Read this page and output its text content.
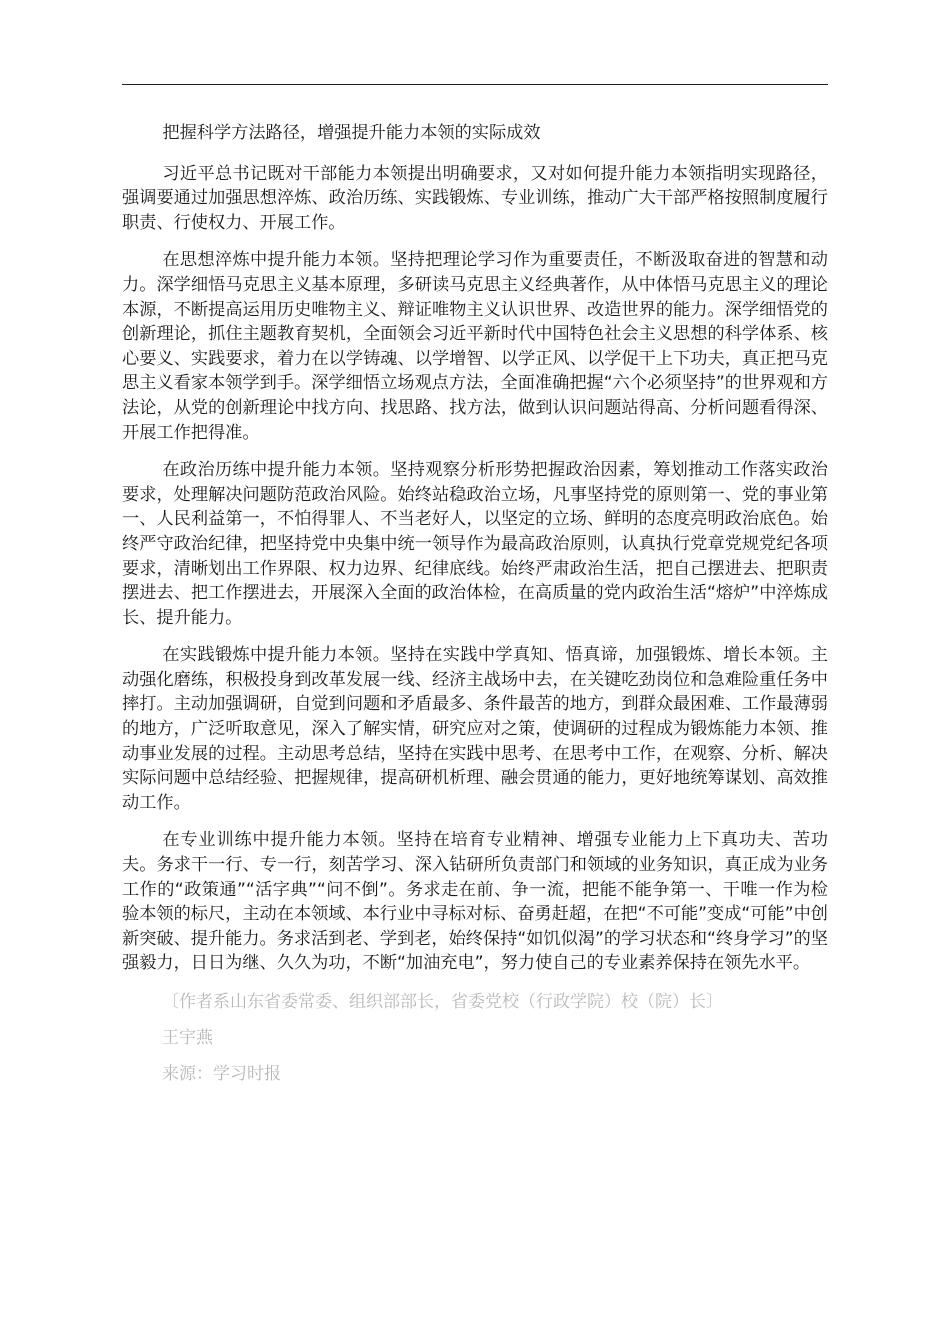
把握科学方法路径，增强提升能力本领的实际成效

习近平总书记既对干部能力本领提出明确要求，又对如何提升能力本领指明实现路径，强调要通过加强思想淬炼、政治历练、实践锻炼、专业训练，推动广大干部严格按照制度履行职责、行使权力、开展工作。

在思想淬炼中提升能力本领。坚持把理论学习作为重要责任，不断汲取奋进的智慧和动力。深学细悟马克思主义基本原理，多研读马克思主义经典著作，从中体悟马克思主义的理论本源，不断提高运用历史唯物主义、辩证唯物主义认识世界、改造世界的能力。深学细悟党的创新理论，抓住主题教育契机，全面领会习近平新时代中国特色社会主义思想的科学体系、核心要义、实践要求，着力在以学铸魂、以学增智、以学正风、以学促干上下功夫，真正把马克思主义看家本领学到手。深学细悟立场观点方法，全面准确把握“六个必须坚持”的世界观和方法论，从党的创新理论中找方向、找思路、找方法，做到认识问题站得高、分析问题看得深、开展工作把得准。

在政治历练中提升能力本领。坚持观察分析形势把握政治因素，筹划推动工作落实政治要求，处理解决问题防范政治风险。始终站稳政治立场，凡事坚持党的原则第一、党的事业第一、人民利益第一，不怕得罪人、不当老好人，以坚定的立场、鲜明的态度亮明政治底色。始终严守政治纪律，把坚持党中央集中统一领导作为最高政治原则，认真执行党章党规党纪各项要求，清晰划出工作界限、权力边界、纪律底线。始终严肃政治生活，把自己摆进去、把职责摆进去、把工作摆进去，开展深入全面的政治体检，在高质量的党内政治生活“熔炉”中淬炼成长、提升能力。

在实践锻炼中提升能力本领。坚持在实践中学真知、悟真谛，加强锻炼、增长本领。主动强化磨练，积极投身到改革发展一线、经济主战场中去，在关键吃劲岗位和急难险重任务中摔打。主动加强调研，自觉到问题和矛盾最多、条件最苦的地方，到群众最困难、工作最薄弱的地方，广泛听取意见，深入了解实情，研究应对之策，使调研的过程成为锻炼能力本领、推动事业发展的过程。主动思考总结，坚持在实践中思考、在思考中工作，在观察、分析、解决实际问题中总结经验、把握规律，提高研机析理、融会贯通的能力，更好地统筹谋划、高效推动工作。

在专业训练中提升能力本领。坚持在培育专业精神、增强专业能力上下真功夫、苦功夫。务求干一行、专一行，刻苦学习、深入钻研所负责部门和领域的业务知识，真正成为业务工作的“政策通”“活字典”“问不倒”。务求走在前、争一流，把能不能争第一、干唯一作为检验本领的标尺，主动在本领域、本行业中寻标对标、奋勇赶超，在把“不可能”变成“可能”中创新突破、提升能力。务求活到老、学到老，始终保持“如饥似渴”的学习状态和“终身学习”的坚强毅力，日日为继、久久为功，不断“加油充电”，努力使自己的专业素养保持在领先水平。

〔作者系山东省委常委、组织部部长，省委党校（行政学院）校（院）长〕
王宇燕
来源：学习时报
